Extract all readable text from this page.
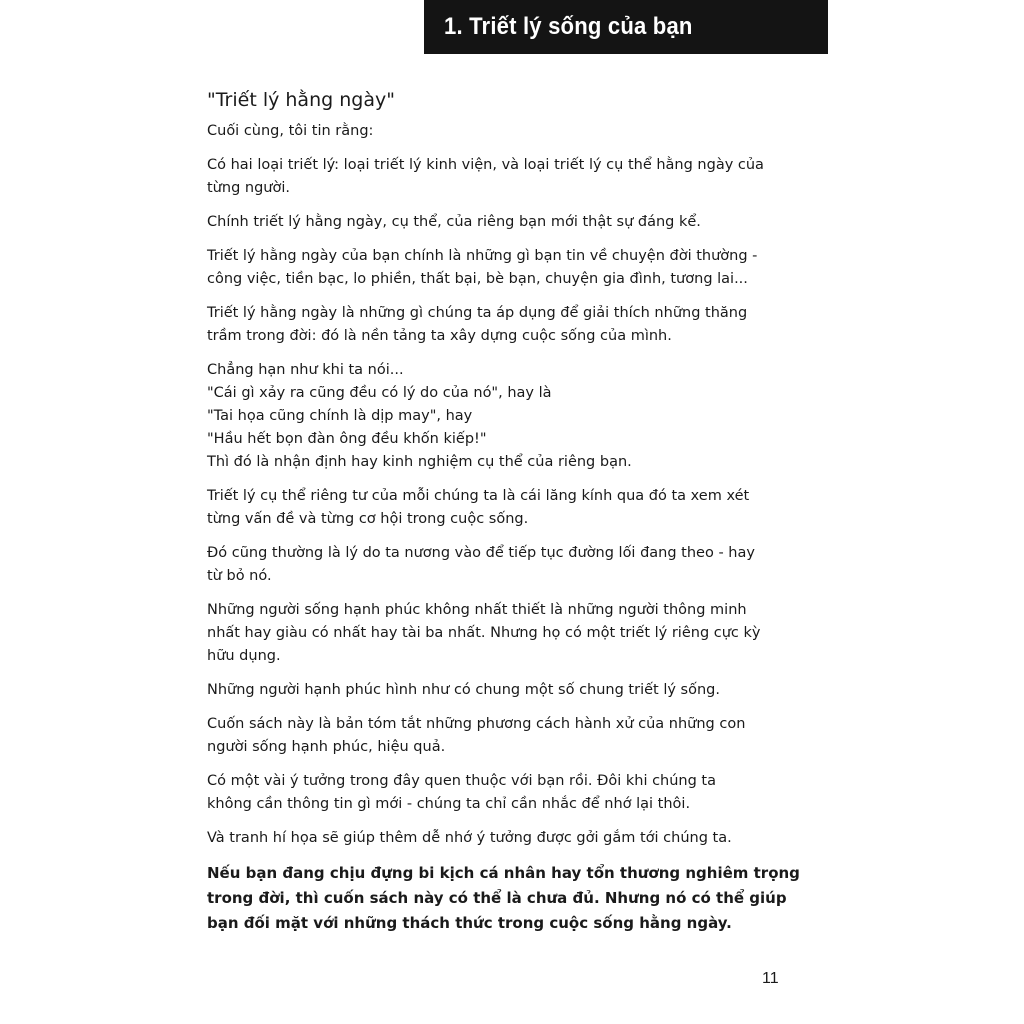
1. Triết lý sống của bạn
"Triết lý hằng ngày"
Cuối cùng, tôi tin rằng:
Có hai loại triết lý: loại triết lý kinh viện, và loại triết lý cụ thể hằng ngày của
từng người.
Chính triết lý hằng ngày, cụ thể, của riêng bạn mới thật sự đáng kể.
Triết lý hằng ngày của bạn chính là những gì bạn tin về chuyện đời thường -
công việc, tiền bạc, lo phiền, thất bại, bè bạn, chuyện gia đình, tương lai...
Triết lý hằng ngày là những gì chúng ta áp dụng để giải thích những thăng
trầm trong đời: đó là nền tảng ta xây dựng cuộc sống của mình.
Chẳng hạn như khi ta nói...
"Cái gì xảy ra cũng đều có lý do của nó", hay là
"Tai họa cũng chính là dịp may", hay
"Hầu hết bọn đàn ông đều khốn kiếp!"
Thì đó là nhận định hay kinh nghiệm cụ thể của riêng bạn.
Triết lý cụ thể riêng tư của mỗi chúng ta là cái lăng kính qua đó ta xem xét
từng vấn đề và từng cơ hội trong cuộc sống.
Đó cũng thường là lý do ta nương vào để tiếp tục đường lối đang theo - hay
từ bỏ nó.
Những người sống hạnh phúc không nhất thiết là những người thông minh
nhất hay giàu có nhất hay tài ba nhất. Nhưng họ có một triết lý riêng cực kỳ
hữu dụng.
Những người hạnh phúc hình như có chung một số chung triết lý sống.
Cuốn sách này là bản tóm tắt những phương cách hành xử của những con
người sống hạnh phúc, hiệu quả.
Có một vài ý tưởng trong đây quen thuộc với bạn rồi. Đôi khi chúng ta
không cần thông tin gì mới - chúng ta chỉ cần nhắc để nhớ lại thôi.
Và tranh hí họa sẽ giúp thêm dễ nhớ ý tưởng được gởi gắm tới chúng ta.
Nếu bạn đang chịu đựng bi kịch cá nhân hay tổn thương nghiêm trọng
trong đời, thì cuốn sách này có thể là chưa đủ. Nhưng nó có thể giúp
bạn đối mặt với những thách thức trong cuộc sống hằng ngày.
11
